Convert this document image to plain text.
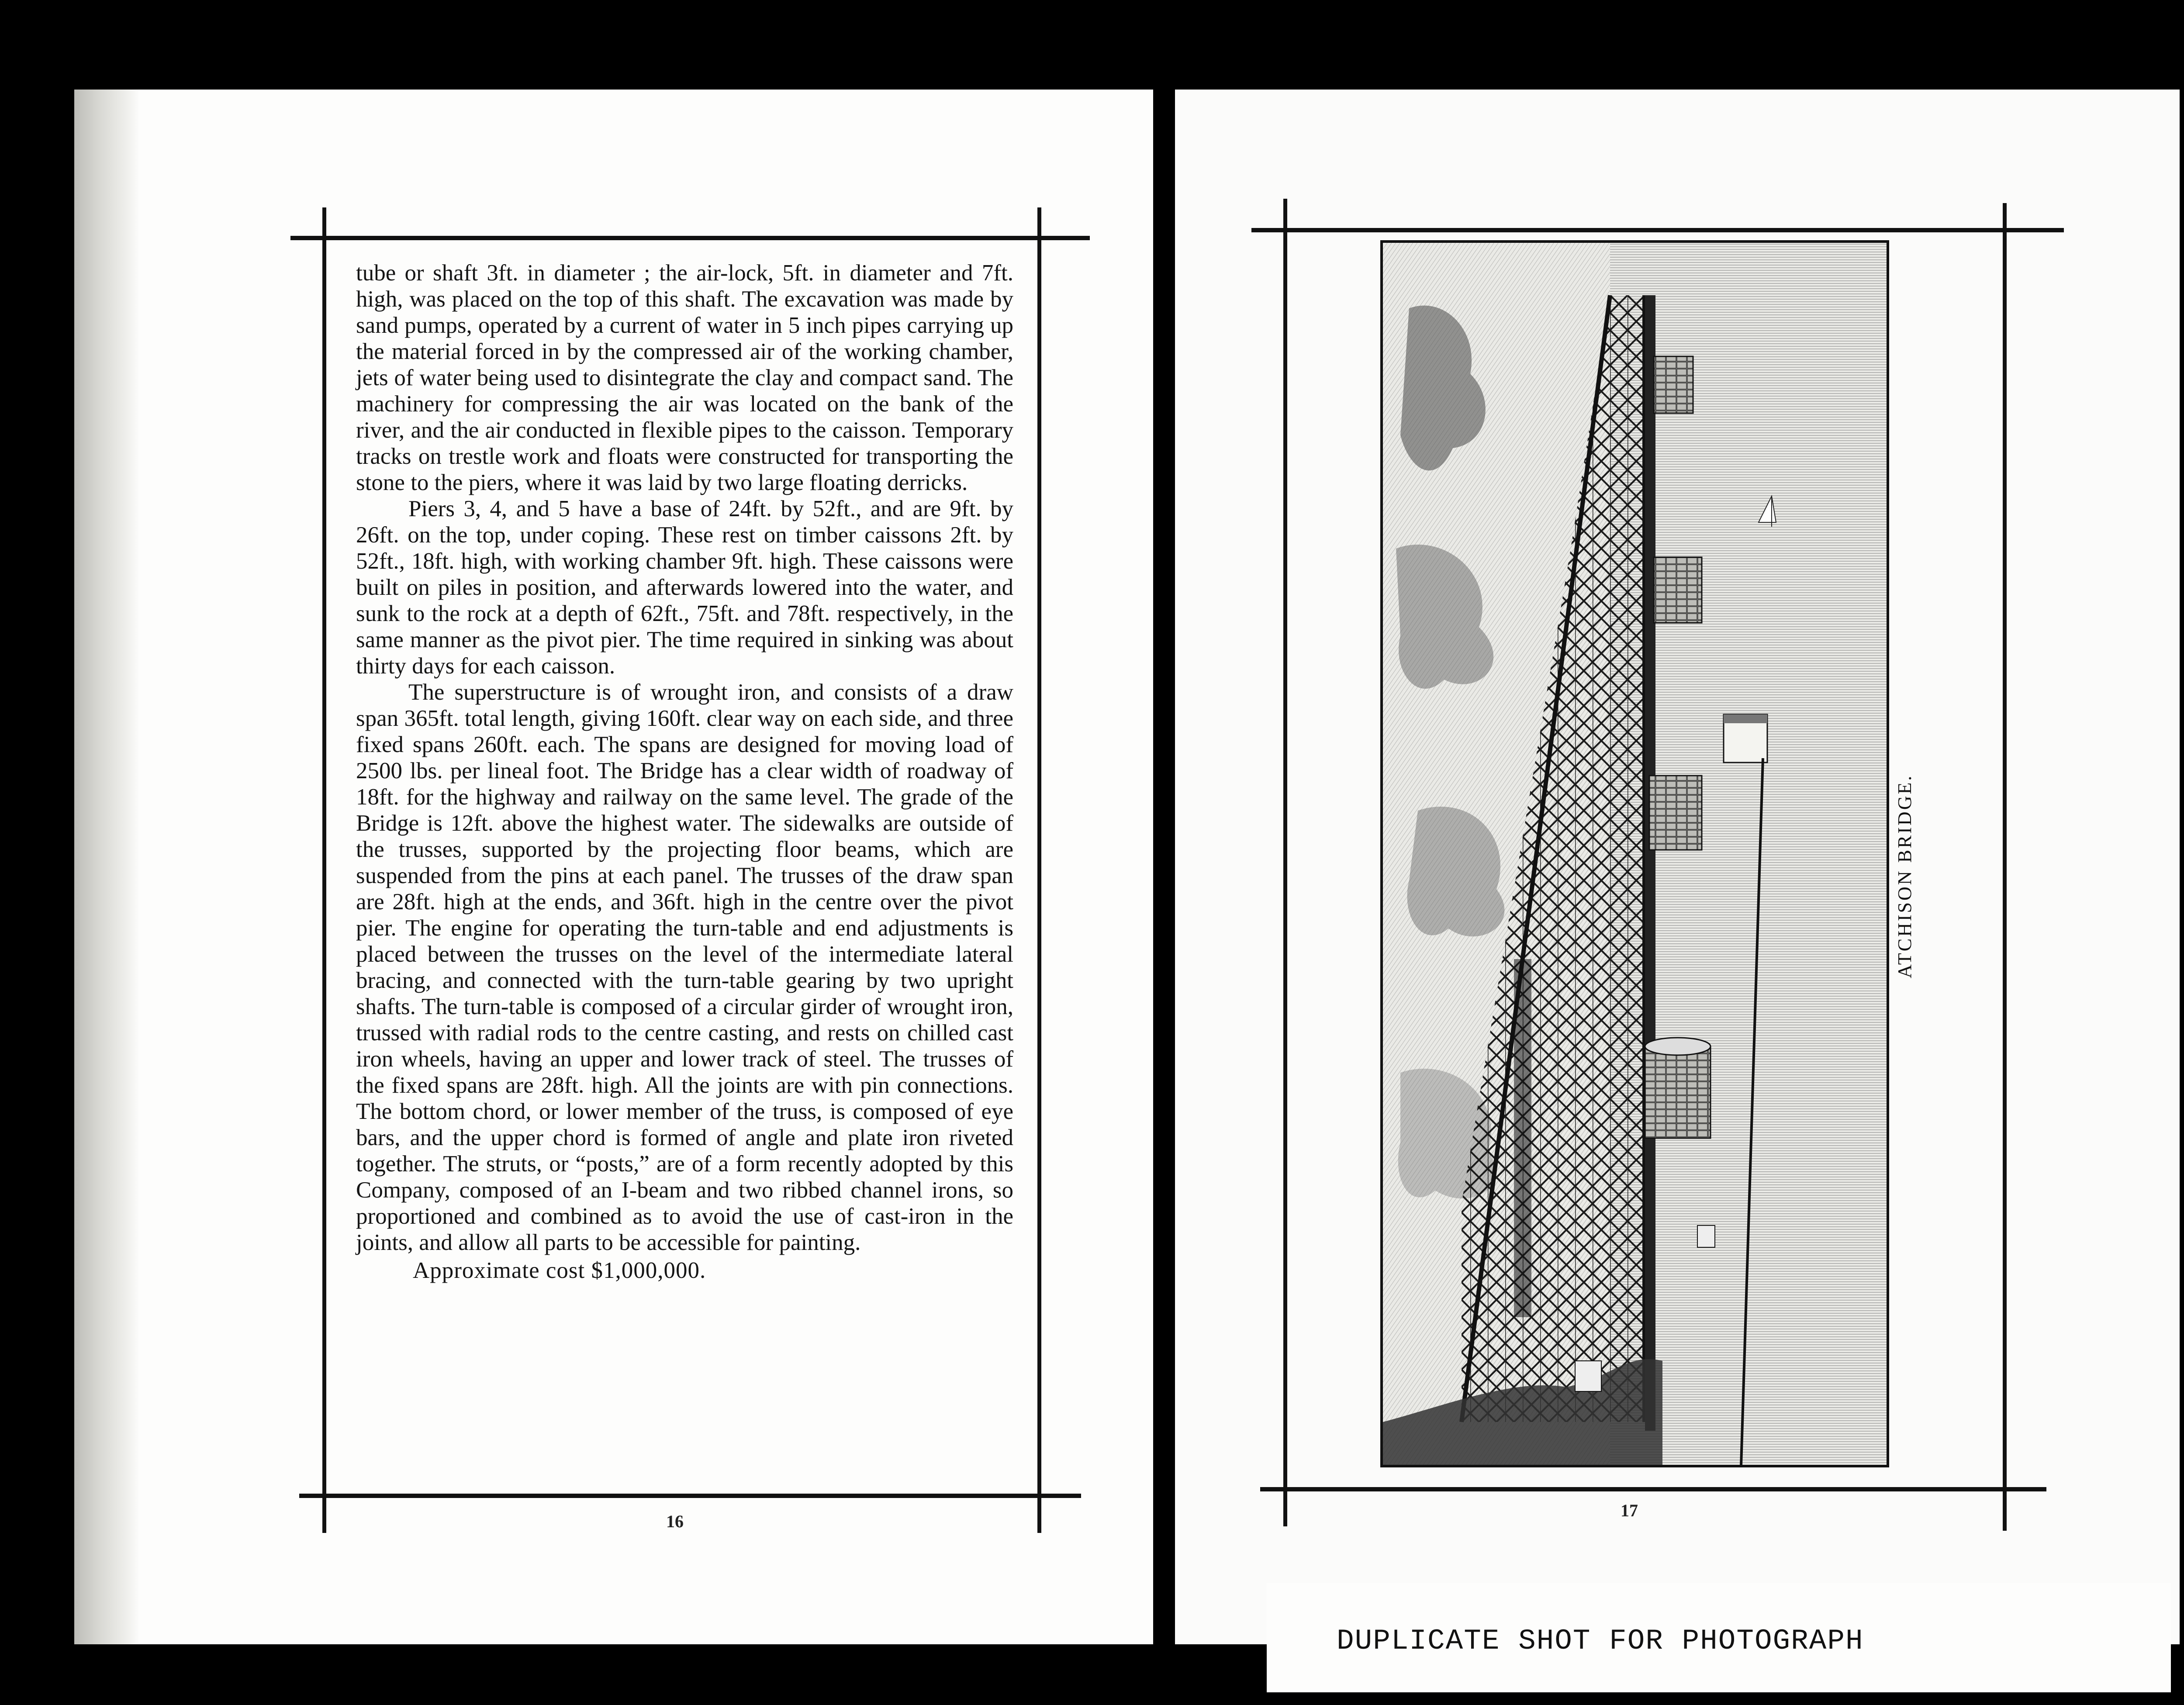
tube or shaft 3ft. in diameter ; the air-lock, 5ft. in diameter and 7ft. high, was placed on the top of this shaft. The excavation was made by sand pumps, operated by a current of water in 5 inch pipes carrying up the material forced in by the compressed air of the working chamber, jets of water being used to disintegrate the clay and compact sand. The machinery for compressing the air was located on the bank of the river, and the air conducted in flexible pipes to the caisson. Temporary tracks on trestle work and floats were constructed for transporting the stone to the piers, where it was laid by two large floating derricks.

Piers 3, 4, and 5 have a base of 24ft. by 52ft., and are 9ft. by 26ft. on the top, under coping. These rest on timber caissons 2ft. by 52ft., 18ft. high, with working chamber 9ft. high. These caissons were built on piles in position, and afterwards lowered into the water, and sunk to the rock at a depth of 62ft., 75ft. and 78ft. respectively, in the same manner as the pivot pier. The time required in sinking was about thirty days for each caisson.

The superstructure is of wrought iron, and consists of a draw span 365ft. total length, giving 160ft. clear way on each side, and three fixed spans 260ft. each. The spans are designed for moving load of 2500 lbs. per lineal foot. The Bridge has a clear width of roadway of 18ft. for the highway and railway on the same level. The grade of the Bridge is 12ft. above the highest water. The sidewalks are outside of the trusses, supported by the projecting floor beams, which are suspended from the pins at each panel. The trusses of the draw span are 28ft. high at the ends, and 36ft. high in the centre over the pivot pier. The engine for operating the turn-table and end adjustments is placed between the trusses on the level of the intermediate lateral bracing, and connected with the turn-table gearing by two upright shafts. The turn-table is composed of a circular girder of wrought iron, trussed with radial rods to the centre casting, and rests on chilled cast iron wheels, having an upper and lower track of steel. The trusses of the fixed spans are 28ft. high. All the joints are with pin connections. The bottom chord, or lower member of the truss, is composed of eye bars, and the upper chord is formed of angle and plate iron riveted together. The struts, or “posts,” are of a form recently adopted by this Company, composed of an I-beam and two ribbed channel irons, so proportioned and combined as to avoid the use of cast-iron in the joints, and allow all parts to be accessible for painting.

Approximate cost $1,000,000.

16
ATCHISON BRIDGE.
17
DUPLICATE SHOT FOR PHOTOGRAPH
